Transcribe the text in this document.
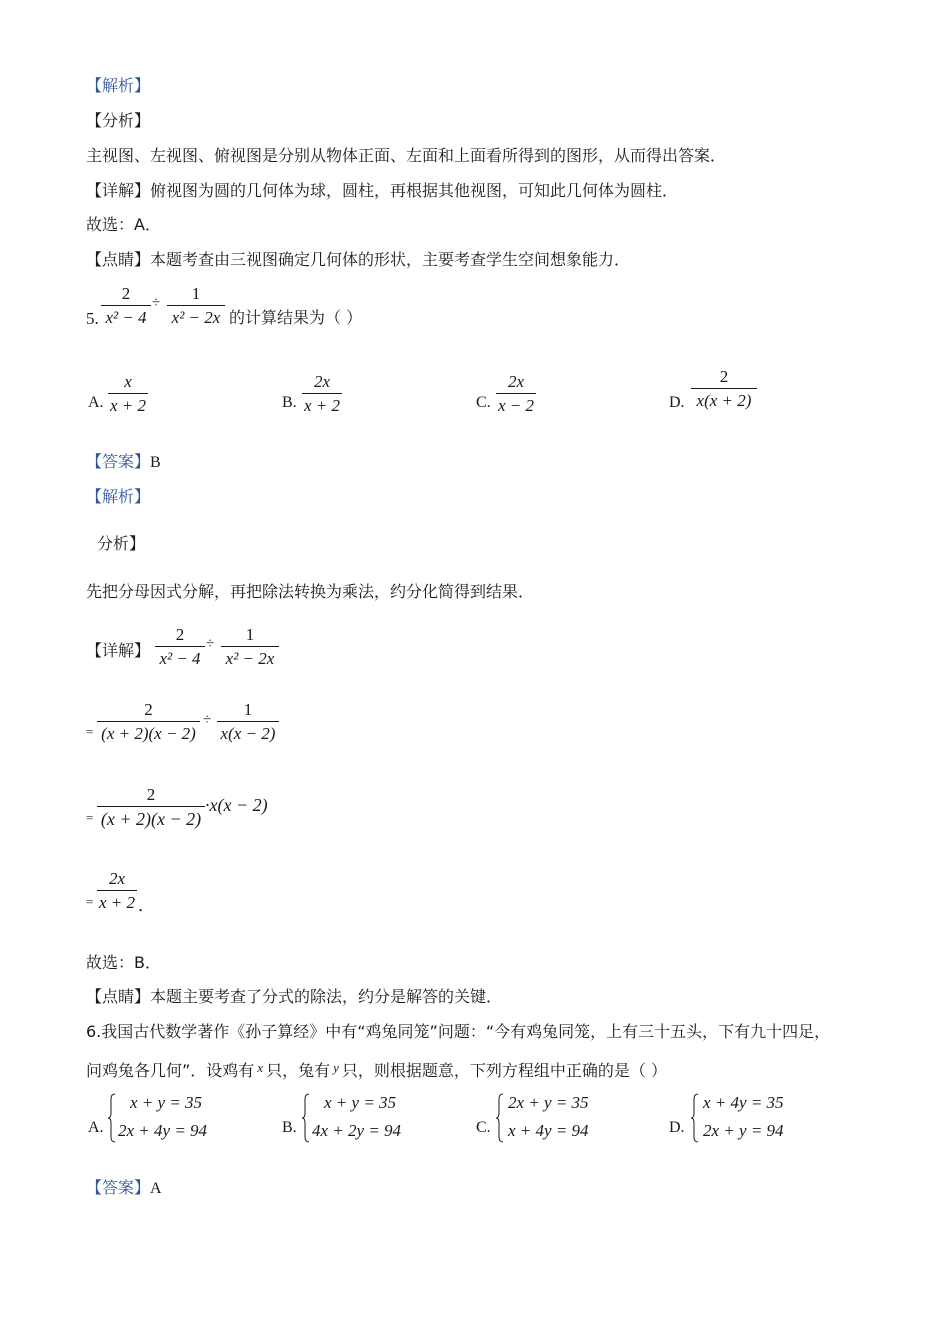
【解析】
【分析】
主视图、左视图、俯视图是分别从物体正面、左面和上面看所得到的图形，从而得出答案．
【详解】俯视图为圆的几何体为球，圆柱，再根据其他视图，可知此几何体为圆柱．
故选：A．
【点睛】本题考查由三视图确定几何体的形状，主要考查学生空间想象能力．
5.
2
x² − 4
÷	1
x² − 2x 的计算结果为（ ）
A.
x
x + 2	B.
2x
x + 2	C.
2x
x − 2	D.
2
x(x + 2)
【答案】B
【解析】
分析】
先把分母因式分解，再把除法转换为乘法，约分化简得到结果．
【详解】
2
x² − 4
÷	1
x² − 2x
=
2
(x + 2)(x − 2)
÷
1
x(x − 2)
=
2
(x + 2)(x − 2)
·x(x − 2)
=
2x
x + 2 ．
故选：B．
【点睛】本题主要考查了分式的除法，约分是解答的关键．
6.我国古代数学著作《孙子算经》中有“鸡兔同笼”问题：“今有鸡兔同笼，上有三十五头，下有九十四足，
问鸡兔各几何”．设鸡有 $^x$ 只，兔有 $^y$ 只，则根据题意，下列方程组中正确的是（ ）
A.
x + y = 35
2x + 4y = 94	B.
x + y = 35
4x + 2y = 94	C.
2x + y = 35
x + 4y = 94	D.
x + 4y = 35
2x + y = 94
【答案】A
